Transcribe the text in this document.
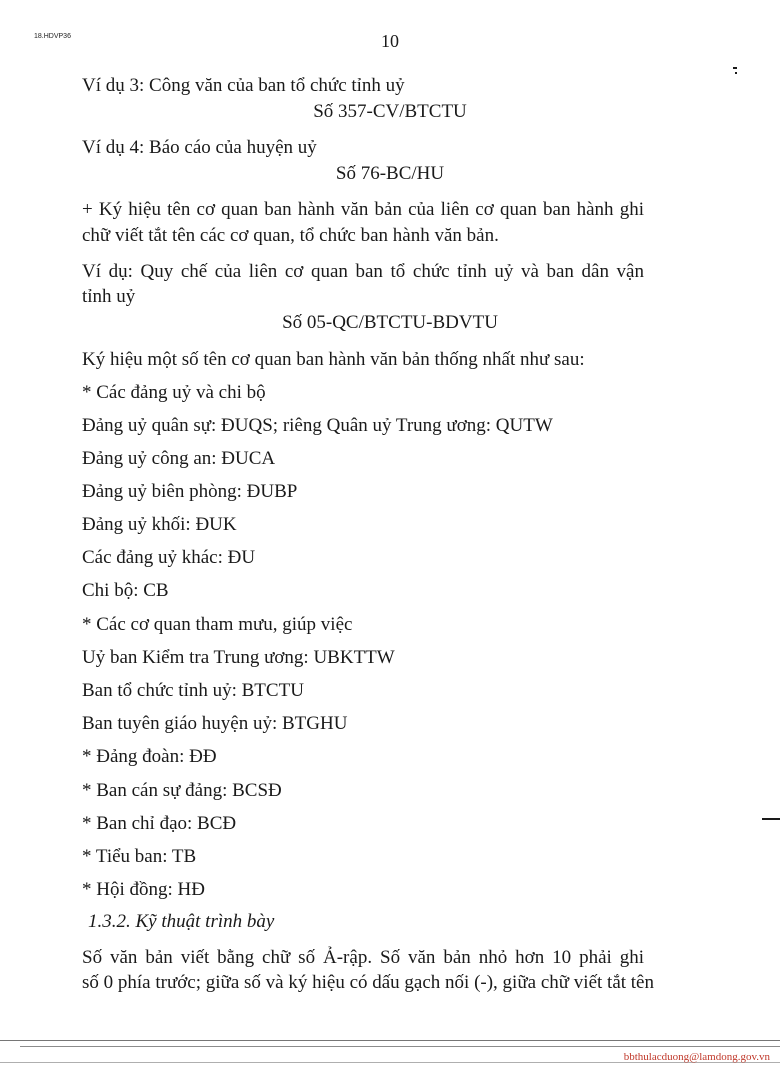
18.HDVP36	10
Ví dụ 3: Công văn của ban tổ chức tỉnh uỷ
Số 357-CV/BTCTU
Ví dụ 4: Báo cáo của huyện uỷ
Số 76-BC/HU
+ Ký hiệu tên cơ quan ban hành văn bản của liên cơ quan ban hành ghi
chữ viết tắt tên các cơ quan, tổ chức ban hành văn bản.
Ví dụ: Quy chế của liên cơ quan ban tổ chức tỉnh uỷ và ban dân vận
tỉnh uỷ
Số 05-QC/BTCTU-BDVTU
Ký hiệu một số tên cơ quan ban hành văn bản thống nhất như sau:
* Các đảng uỷ và chi bộ
Đảng uỷ quân sự: ĐUQS; riêng Quân uỷ Trung ương: QUTW
Đảng uỷ công an: ĐUCA
Đảng uỷ biên phòng: ĐUBP
Đảng uỷ khối: ĐUK
Các đảng uỷ khác: ĐU
Chi bộ: CB
* Các cơ quan tham mưu, giúp việc
Uỷ ban Kiểm tra Trung ương: UBKTTW
Ban tổ chức tỉnh uỷ: BTCTU
Ban tuyên giáo huyện uỷ: BTGHU
* Đảng đoàn: ĐĐ
* Ban cán sự đảng: BCSĐ
* Ban chỉ đạo: BCĐ
* Tiểu ban: TB
* Hội đồng: HĐ
1.3.2. Kỹ thuật trình bày
Số văn bản viết bằng chữ số Ả-rập. Số văn bản nhỏ hơn 10 phải ghi
số 0 phía trước; giữa số và ký hiệu có dấu gạch nối (-), giữa chữ viết tắt tên
bbthulacduong@lamdong.gov.vn
